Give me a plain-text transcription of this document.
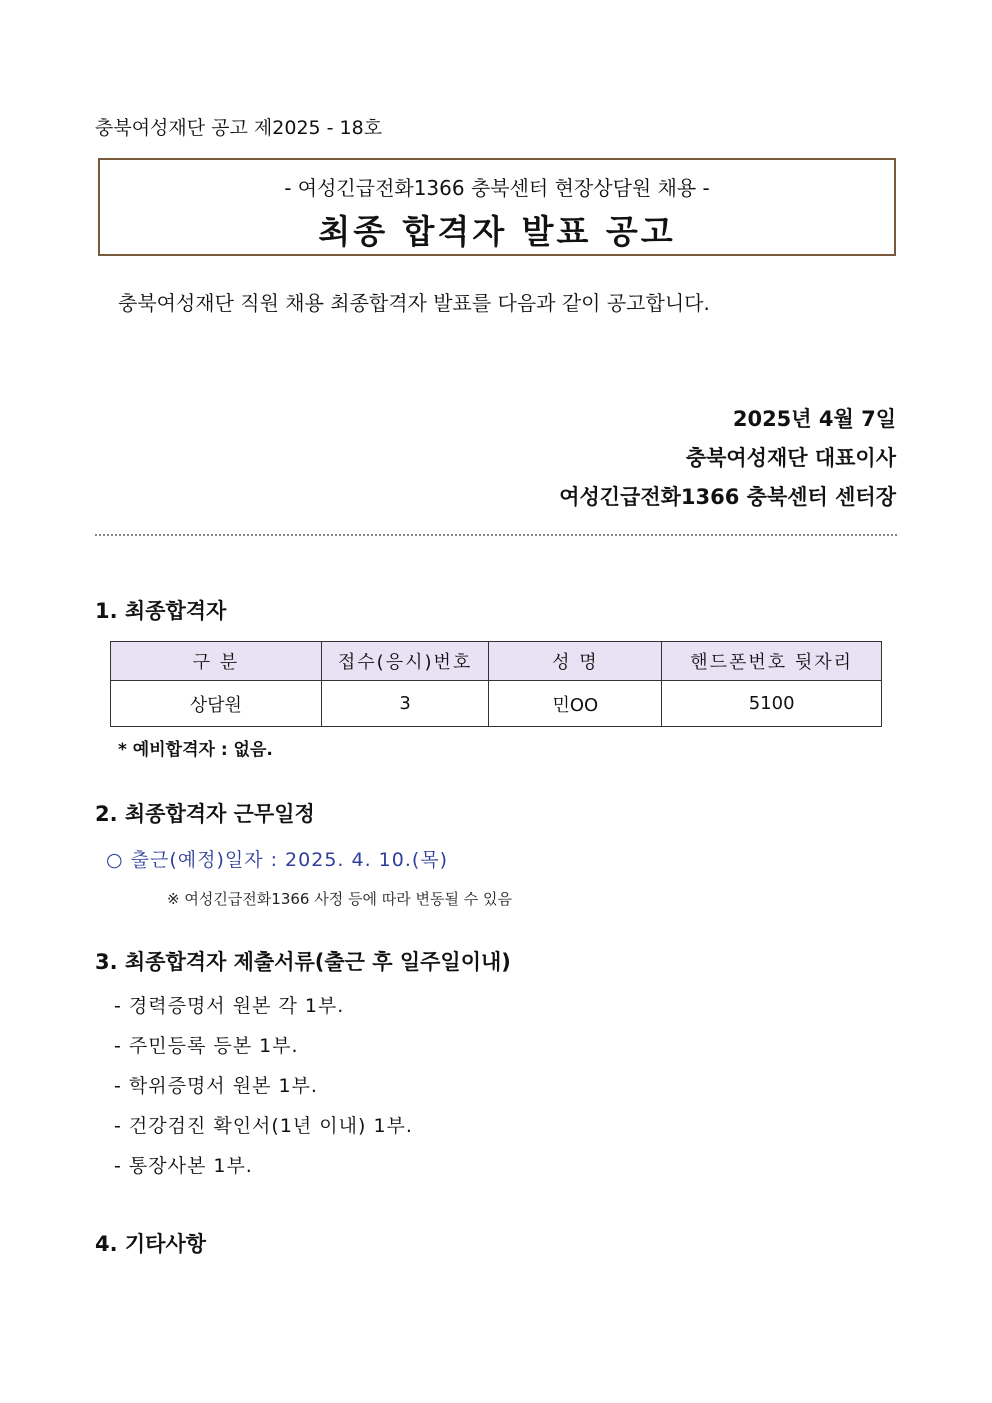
충북여성재단 공고 제2025 - 18호
- 여성긴급전화1366 충북센터 현장상담원 채용 -
최종 합격자 발표 공고
충북여성재단 직원 채용 최종합격자 발표를 다음과 같이 공고합니다.
2025년 4월 7일
충북여성재단 대표이사
여성긴급전화1366 충북센터 센터장
1. 최종합격자
구 분	접수(응시)번호	성 명	핸드폰번호 뒷자리
상담원	3	민OO	5100
* 예비합격자 : 없음.
2. 최종합격자 근무일정
○ 출근(예정)일자 : 2025. 4. 10.(목)
※ 여성긴급전화1366 사정 등에 따라 변동될 수 있음
3. 최종합격자 제출서류(출근 후 일주일이내)
- 경력증명서 원본 각 1부.
- 주민등록 등본 1부.
- 학위증명서 원본 1부.
- 건강검진 확인서(1년 이내) 1부.
- 통장사본 1부.
4. 기타사항
